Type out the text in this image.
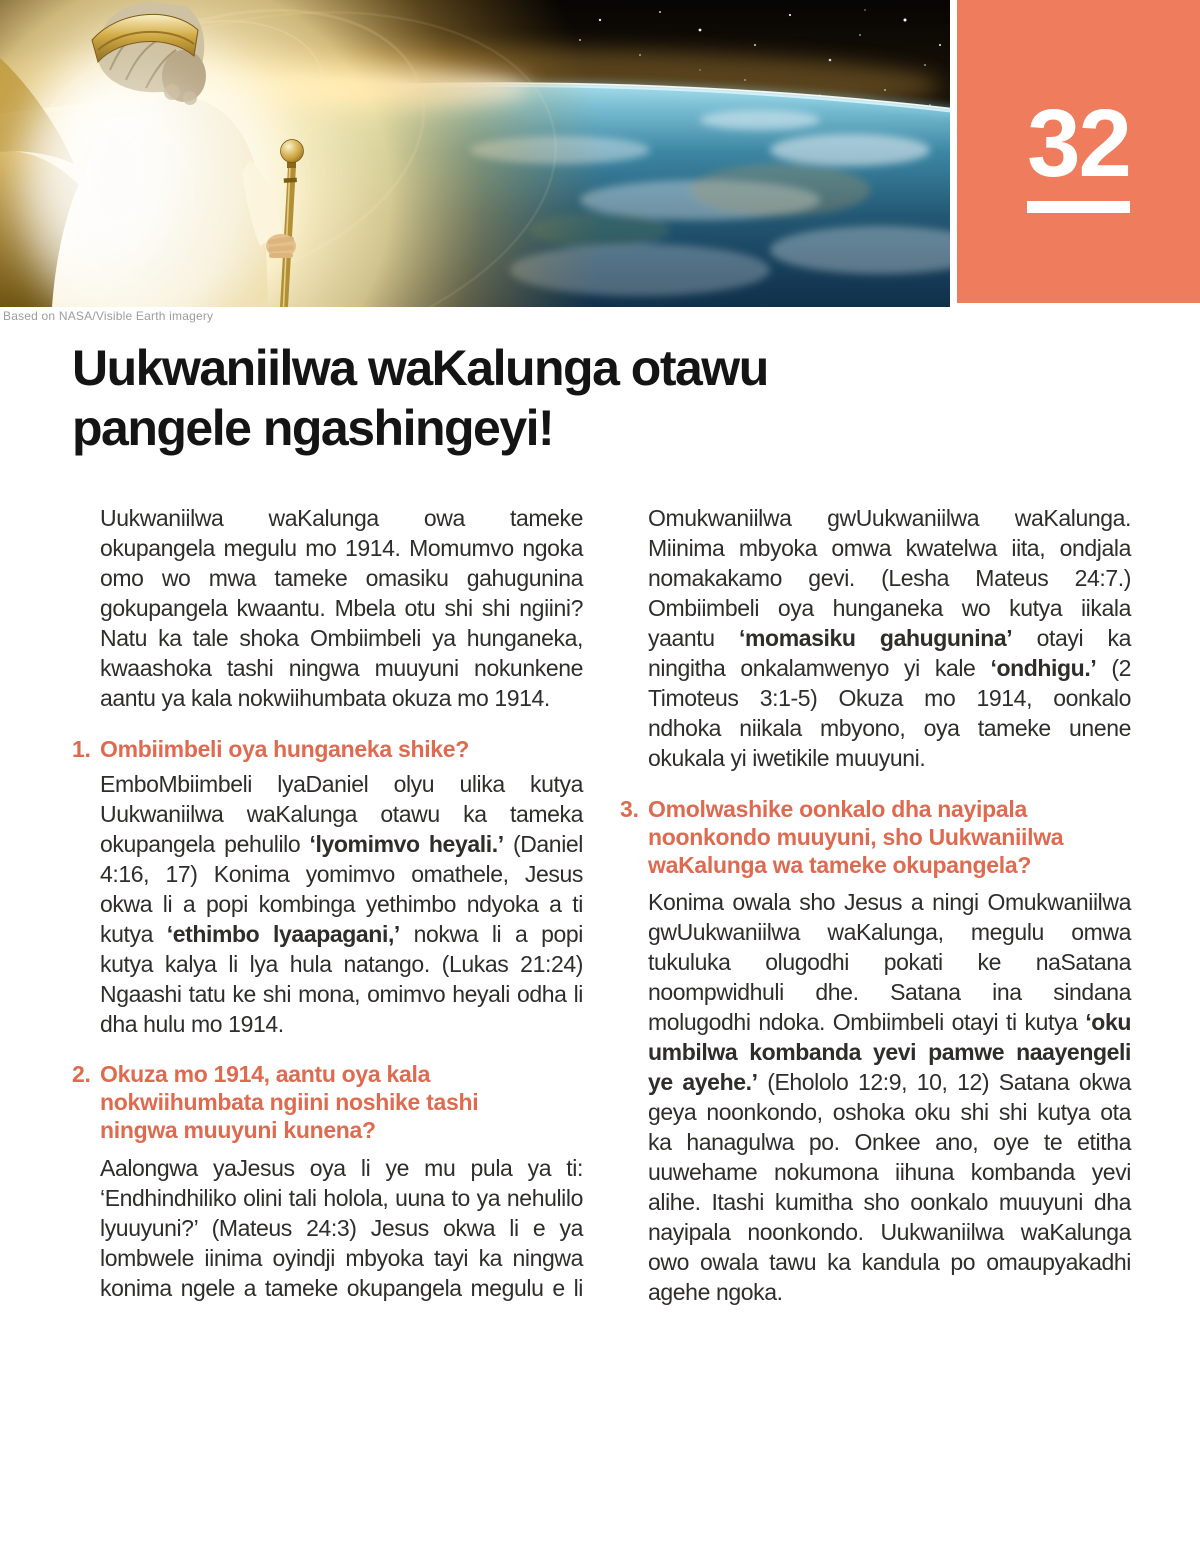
32
Based on NASA/Visible Earth imagery
Uukwaniilwa waKalunga otawu
pangele ngashingeyi!

Uukwaniilwa waKalunga owa tameke okupangela megulu mo 1914. Momumvo ngoka omo wo mwa tameke omasiku gahugunina gokupangela kwaantu. Mbela otu shi shi ngiini? Natu ka tale shoka Ombiimbeli ya hunganeka, kwaashoka tashi ningwa muuyuni nokunkene aantu ya kala nokwiihumbata okuza mo 1914.

1. Ombiimbeli oya hunganeka shike?

EmboMbiimbeli lyaDaniel olyu ulika kutya Uukwaniilwa waKalunga otawu ka tameka okupangela pehulilo ‘lyomimvo heyali.’ (Daniel 4:16, 17) Konima yomimvo omathele, Jesus okwa li a popi kombinga yethimbo ndyoka a ti kutya ‘ethimbo lyaapagani,’ nokwa li a popi kutya kalya li lya hula natango. (Lukas 21:24) Ngaashi tatu ke shi mona, omimvo heyali odha li dha hulu mo 1914.

2. Okuza mo 1914, aantu oya kala
nokwiihumbata ngiini noshike tashi
ningwa muuyuni kunena?

Aalongwa yaJesus oya li ye mu pula ya ti: ‘Endhindhiliko olini tali holola, uuna to ya nehulilo lyuuyuni?’ (Mateus 24:3) Jesus okwa li e ya lombwele iinima oyindji mbyoka tayi ka ningwa konima ngele a tameke okupangela megulu e li

Omukwaniilwa gwUukwaniilwa waKalunga. Miinima mbyoka omwa kwatelwa iita, ondjala nomakakamo gevi. (Lesha Mateus 24:7.) Ombiimbeli oya hunganeka wo kutya iikala yaantu ‘momasiku gahugunina’ otayi ka ningitha onkalamwenyo yi kale ‘ondhigu.’ (2 Timoteus 3:1-5) Okuza mo 1914, oonkalo ndhoka niikala mbyono, oya tameke unene okukala yi iwetikile muuyuni.

3. Omolwashike oonkalo dha nayipala
noonkondo muuyuni, sho Uukwaniilwa
waKalunga wa tameke okupangela?

Konima owala sho Jesus a ningi Omukwaniilwa gwUukwaniilwa waKalunga, megulu omwa tukuluka olugodhi pokati ke naSatana noompwidhuli dhe. Satana ina sindana molugodhi ndoka. Ombiimbeli otayi ti kutya ‘oku umbilwa kombanda yevi pamwe naayengeli ye ayehe.’ (Ehololo 12:9, 10, 12) Satana okwa geya noonkondo, oshoka oku shi shi kutya ota ka hanagulwa po. Onkee ano, oye te etitha uuwehame nokumona iihuna kombanda yevi alihe. Itashi kumitha sho oonkalo muuyuni dha nayipala noonkondo. Uukwaniilwa waKalunga owo owala tawu ka kandula po omaupyakadhi agehe ngoka.
